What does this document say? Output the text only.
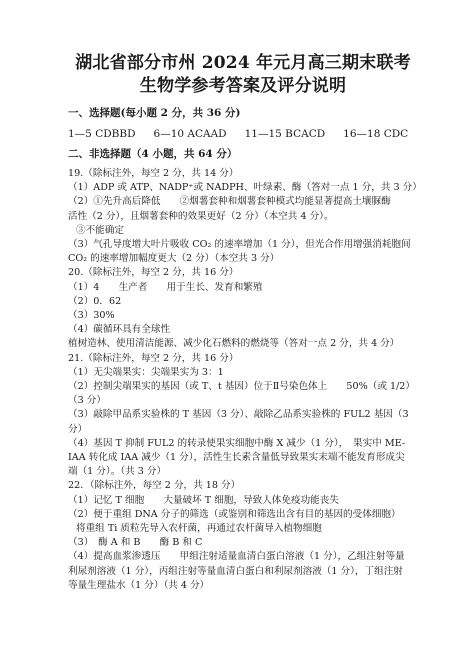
湖北省部分市州 2024 年元月高三期末联考
生物学参考答案及评分说明
一、选择题(每小题 2 分，共 36 分)
1—5 CDBBD 6—10 ACAAD 11—15 BCACD 16—18 CDC
二、非选择题（4 小题，共 64 分）
19.（除标注外，每空 2 分，共 14 分）
（1）ADP 或 ATP、NADP⁺或 NADPH、叶绿素、酶（答对一点 1 分，共 3 分）
（2）①先升高后降低　　②烟薯套种和烟薯套种模式均能显著提高土壤脲酶
活性（2 分），且烟薯套种的效果更好（2 分）（本空共 4 分）。
③不能确定
（3）气孔导度增大叶片吸收 CO₂ 的速率增加（1 分），但光合作用增强消耗胞间
CO₂ 的速率增加幅度更大（2 分）（本空共 3 分）
20.（除标注外，每空 2 分，共 16 分）
（1）4　　生产者　　用于生长、发育和繁殖
（2）0．62
（3）30%
（4）碳循环具有全球性
植树造林、使用清洁能源、减少化石燃料的燃烧等（答对一点 2 分，共 4 分）
21.（除标注外，每空 2 分，共 16 分）
（1）无尖端果实：尖端果实为 3：1
（2）控制尖端果实的基因（或 T、t 基因）位于Ⅱ号染色体上　　50%（或 1/2）
（3 分）
（3）敲除甲品系实验株的 T 基因（3 分）、敲除乙品系实验株的 FUL2 基因（3
分）
（4）基因 T 抑制 FUL2 的转录使果实细胞中酶 X 减少（1 分），　果实中 ME-
IAA 转化成 IAA 减少（1 分），活性生长素含量低导致果实末端不能发育形成尖
端（1 分）。（共 3 分）
22．（除标注外，每空 2 分，共 18 分）
（1）记忆 T 细胞　　大量破坏 T 细胞，导致人体免疫功能丧失
（2）便于重组 DNA 分子的筛选（或鉴别和筛选出含有目的基因的受体细胞）
将重组 Ti 质粒先导入农杆菌，再通过农杆菌导入植物细胞
（3）　酶 A 和 B　　酶 B 和 C
（4）提高血浆渗透压　　甲组注射适量血清白蛋白溶液（1 分），乙组注射等量
利尿剂溶液（1 分），丙组注射等量血清白蛋白和利尿剂溶液（1 分），丁组注射
等量生理盐水（1 分）（共 4 分）
